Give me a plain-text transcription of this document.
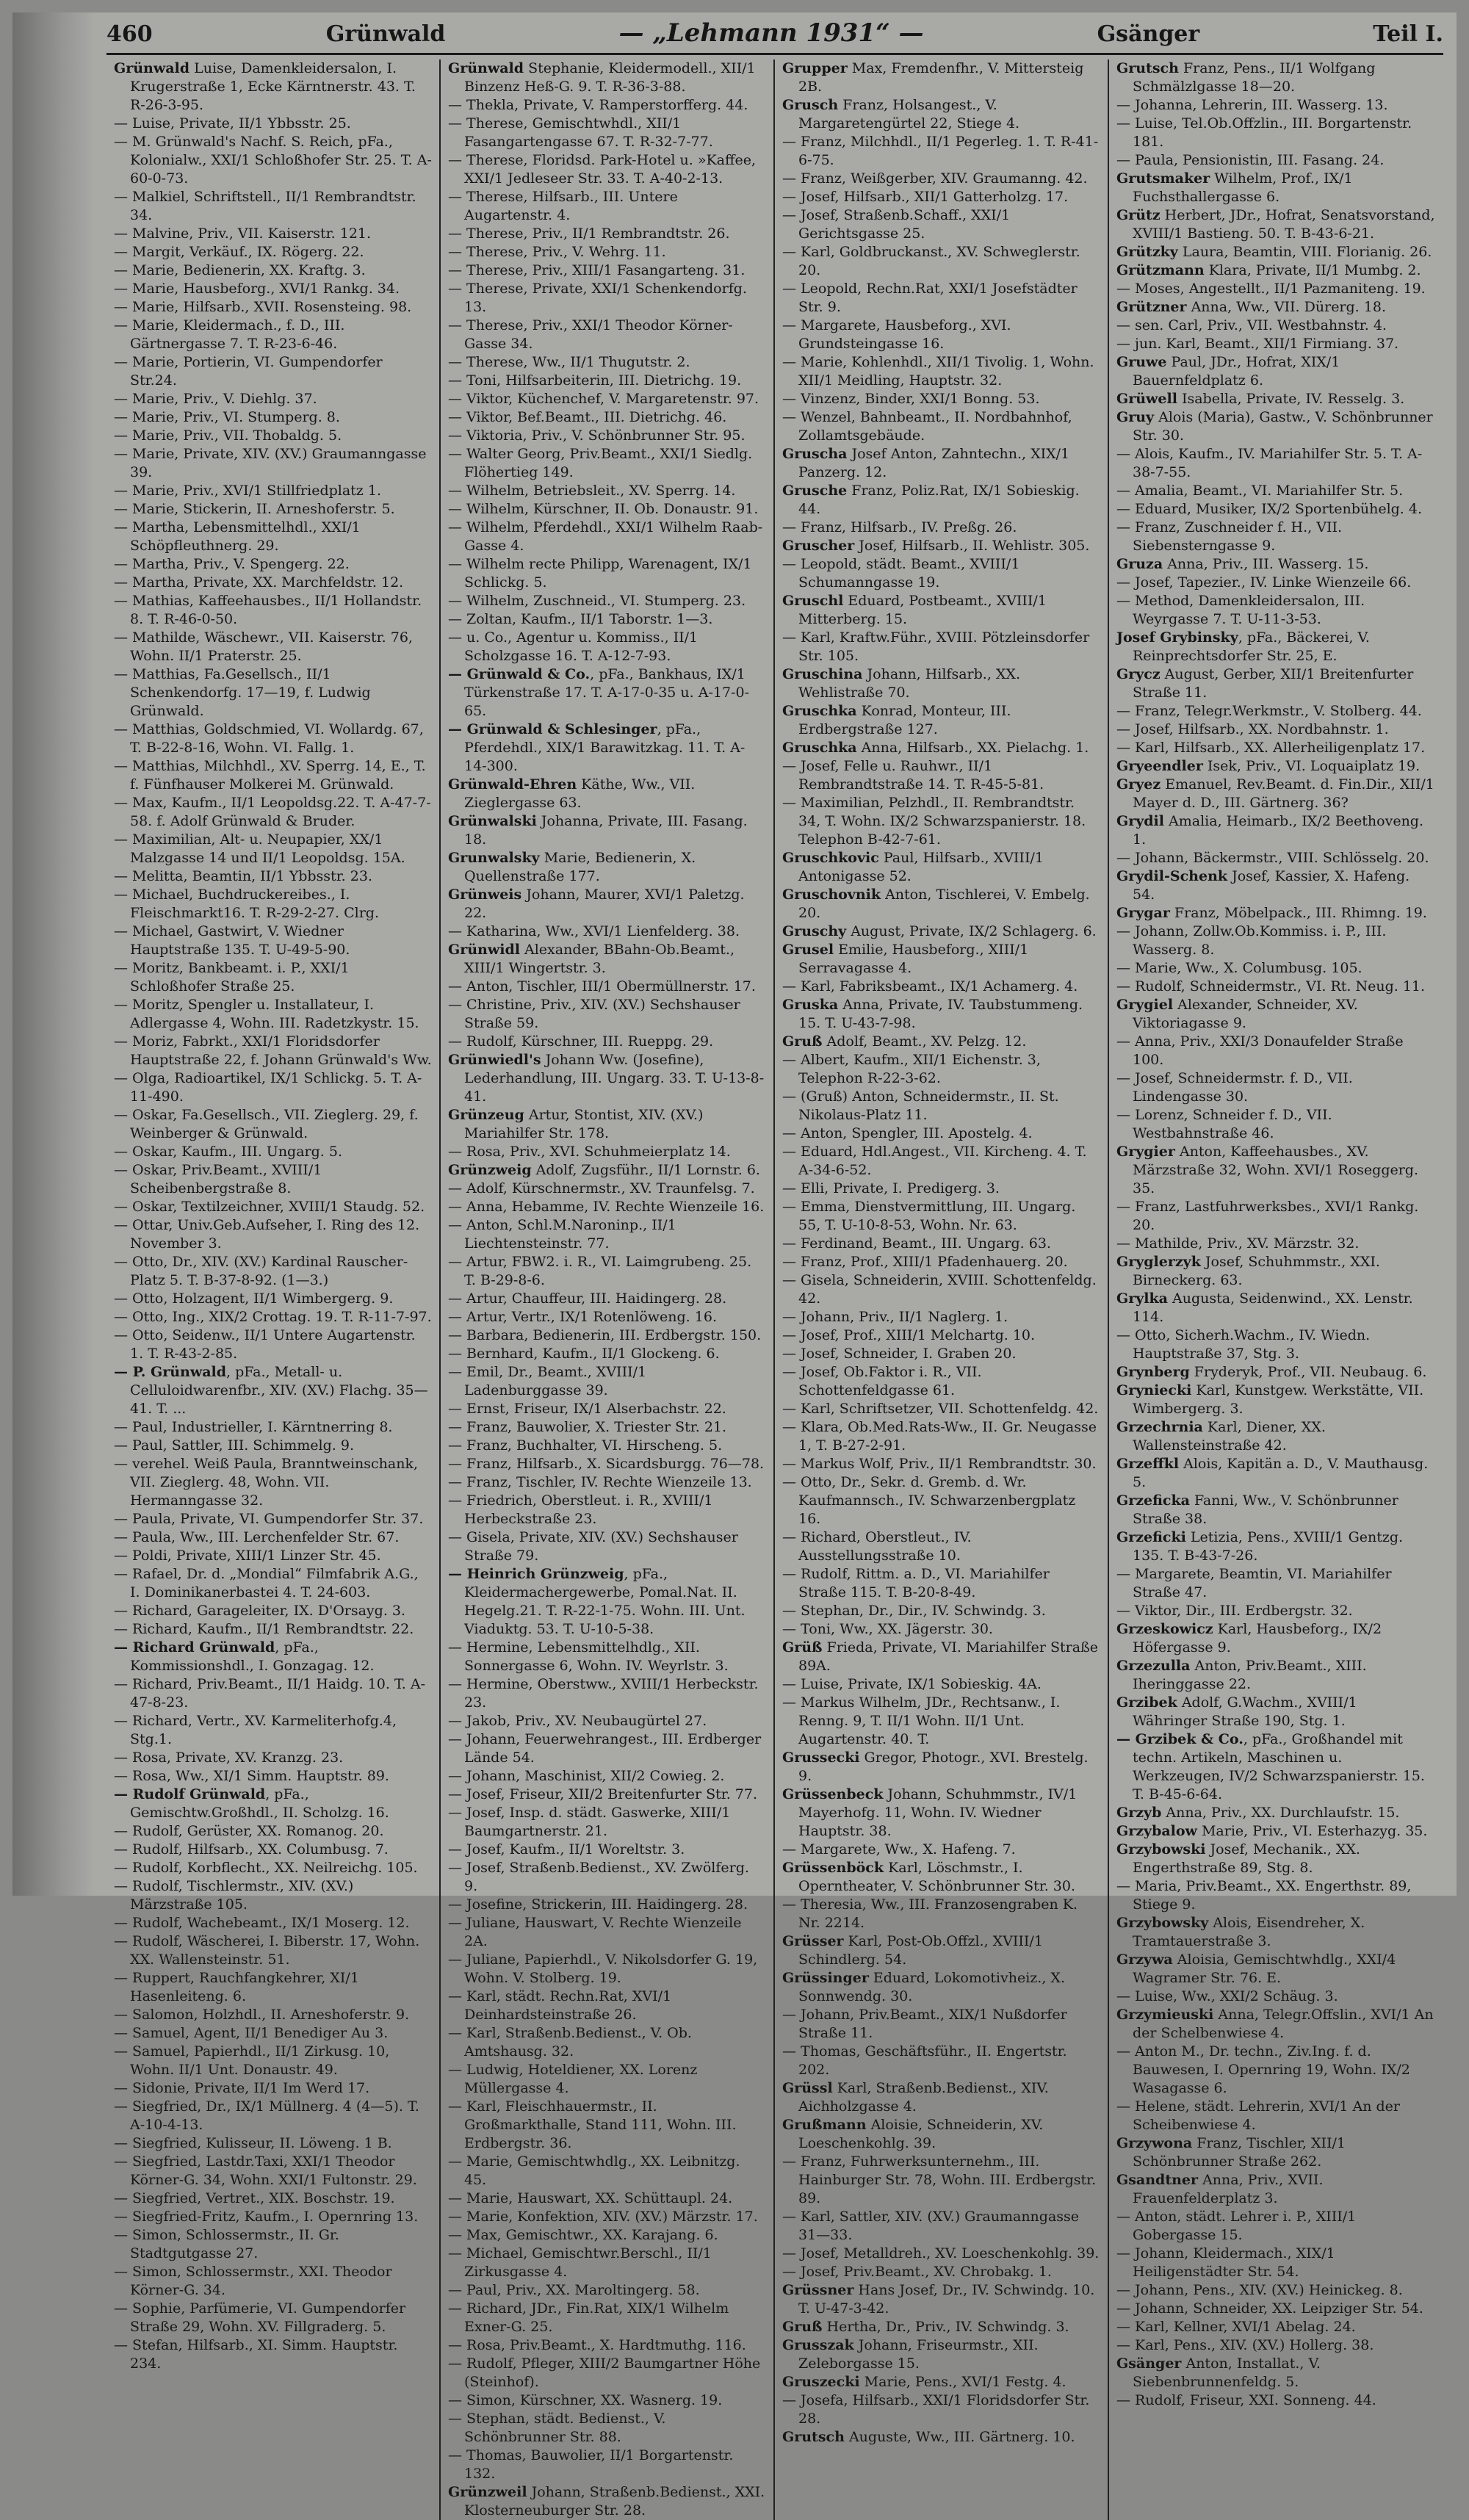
460	Grünwald	— „Lehmann 1931“ —	Gsänger	Teil I.

Grünwald Luise, Damenkleidersalon, I. Krugerstraße 1, Ecke Kärntnerstr. 43. T. R-26-3-95.

— Luise, Private, II/1 Ybbsstr. 25.

— M. Grünwald's Nachf. S. Reich, pFa., Kolonialw., XXI/1 Schloßhofer Str. 25. T. A-60-0-73.

— Malkiel, Schriftstell., II/1 Rembrandtstr. 34.

— Malvine, Priv., VII. Kaiserstr. 121.

— Margit, Verkäuf., IX. Rögerg. 22.

— Marie, Bedienerin, XX. Kraftg. 3.

— Marie, Hausbeforg., XVI/1 Rankg. 34.

— Marie, Hilfsarb., XVII. Rosensteing. 98.

— Marie, Kleidermach., f. D., III. Gärtnergasse 7. T. R-23-6-46.

— Marie, Portierin, VI. Gumpendorfer Str.24.

— Marie, Priv., V. Diehlg. 37.

— Marie, Priv., VI. Stumperg. 8.

— Marie, Priv., VII. Thobaldg. 5.

— Marie, Private, XIV. (XV.) Graumanngasse 39.

— Marie, Priv., XVI/1 Stillfriedplatz 1.

— Marie, Stickerin, II. Arneshoferstr. 5.

— Martha, Lebensmittelhdl., XXI/1 Schöpfleuthnerg. 29.

— Martha, Priv., V. Spengerg. 22.

— Martha, Private, XX. Marchfeldstr. 12.

— Mathias, Kaffeehausbes., II/1 Hollandstr. 8. T. R-46-0-50.

— Mathilde, Wäschewr., VII. Kaiserstr. 76, Wohn. II/1 Praterstr. 25.

— Matthias, Fa.Gesellsch., II/1 Schenkendorfg. 17—19, f. Ludwig Grünwald.

— Matthias, Goldschmied, VI. Wollardg. 67, T. B-22-8-16, Wohn. VI. Fallg. 1.

— Matthias, Milchhdl., XV. Sperrg. 14, E., T. f. Fünfhauser Molkerei M. Grünwald.

— Max, Kaufm., II/1 Leopoldsg.22. T. A-47-7-58. f. Adolf Grünwald & Bruder.

— Maximilian, Alt- u. Neupapier, XX/1 Malzgasse 14 und II/1 Leopoldsg. 15A.

— Melitta, Beamtin, II/1 Ybbsstr. 23.

— Michael, Buchdruckereibes., I. Fleischmarkt16. T. R-29-2-27. Clrg.

— Michael, Gastwirt, V. Wiedner Hauptstraße 135. T. U-49-5-90.

— Moritz, Bankbeamt. i. P., XXI/1 Schloßhofer Straße 25.

— Moritz, Spengler u. Installateur, I. Adlergasse 4, Wohn. III. Radetzkystr. 15.

— Moriz, Fabrkt., XXI/1 Floridsdorfer Hauptstraße 22, f. Johann Grünwald's Ww.

— Olga, Radioartikel, IX/1 Schlickg. 5. T. A-11-490.

— Oskar, Fa.Gesellsch., VII. Zieglerg. 29, f. Weinberger & Grünwald.

— Oskar, Kaufm., III. Ungarg. 5.

— Oskar, Priv.Beamt., XVIII/1 Scheibenbergstraße 8.

— Oskar, Textilzeichner, XVIII/1 Staudg. 52.

— Ottar, Univ.Geb.Aufseher, I. Ring des 12. November 3.

— Otto, Dr., XIV. (XV.) Kardinal Rauscher-Platz 5. T. B-37-8-92. (1—3.)

— Otto, Holzagent, II/1 Wimbergerg. 9.

— Otto, Ing., XIX/2 Crottag. 19. T. R-11-7-97.

— Otto, Seidenw., II/1 Untere Augartenstr. 1. T. R-43-2-85.

— P. Grünwald, pFa., Metall- u. Celluloidwarenfbr., XIV. (XV.) Flachg. 35—41. T. ...

— Paul, Industrieller, I. Kärntnerring 8.

— Paul, Sattler, III. Schimmelg. 9.

— verehel. Weiß Paula, Branntweinschank, VII. Zieglerg. 48, Wohn. VII. Hermanngasse 32.

— Paula, Private, VI. Gumpendorfer Str. 37.

— Paula, Ww., III. Lerchenfelder Str. 67.

— Poldi, Private, XIII/1 Linzer Str. 45.

— Rafael, Dr. d. „Mondial“ Filmfabrik A.G., I. Dominikanerbastei 4. T. 24-603.

— Richard, Garageleiter, IX. D'Orsayg. 3.

— Richard, Kaufm., II/1 Rembrandtstr. 22.

— Richard Grünwald, pFa., Kommissionshdl., I. Gonzagag. 12.

— Richard, Priv.Beamt., II/1 Haidg. 10. T. A-47-8-23.

— Richard, Vertr., XV. Karmeliterhofg.4, Stg.1.

— Rosa, Private, XV. Kranzg. 23.

— Rosa, Ww., XI/1 Simm. Hauptstr. 89.

— Rudolf Grünwald, pFa., Gemischtw.Großhdl., II. Scholzg. 16.

— Rudolf, Gerüster, XX. Romanog. 20.

— Rudolf, Hilfsarb., XX. Columbusg. 7.

— Rudolf, Korbflecht., XX. Neilreichg. 105.

— Rudolf, Tischlermstr., XIV. (XV.) Märzstraße 105.

— Rudolf, Wachebeamt., IX/1 Moserg. 12.

— Rudolf, Wäscherei, I. Biberstr. 17, Wohn. XX. Wallensteinstr. 51.

— Ruppert, Rauchfangkehrer, XI/1 Hasenleiteng. 6.

— Salomon, Holzhdl., II. Arneshoferstr. 9.

— Samuel, Agent, II/1 Benediger Au 3.

— Samuel, Papierhdl., II/1 Zirkusg. 10, Wohn. II/1 Unt. Donaustr. 49.

— Sidonie, Private, II/1 Im Werd 17.

— Siegfried, Dr., IX/1 Müllnerg. 4 (4—5). T. A-10-4-13.

— Siegfried, Kulisseur, II. Löweng. 1 B.

— Siegfried, Lastdr.Taxi, XXI/1 Theodor Körner-G. 34, Wohn. XXI/1 Fultonstr. 29.

— Siegfried, Vertret., XIX. Boschstr. 19.

— Siegfried-Fritz, Kaufm., I. Opernring 13.

— Simon, Schlossermstr., II. Gr. Stadtgutgasse 27.

— Simon, Schlossermstr., XXI. Theodor Körner-G. 34.

— Sophie, Parfümerie, VI. Gumpendorfer Straße 29, Wohn. XV. Fillgraderg. 5.

— Stefan, Hilfsarb., XI. Simm. Hauptstr. 234.

Grünwald Stephanie, Kleidermodell., XII/1 Binzenz Heß-G. 9. T. R-36-3-88.

— Thekla, Private, V. Ramperstorfferg. 44.

— Therese, Gemischtwhdl., XII/1 Fasangartengasse 67. T. R-32-7-77.

— Therese, Floridsd. Park-Hotel u. »Kaffee, XXI/1 Jedleseer Str. 33. T. A-40-2-13.

— Therese, Hilfsarb., III. Untere Augartenstr. 4.

— Therese, Priv., II/1 Rembrandtstr. 26.

— Therese, Priv., V. Wehrg. 11.

— Therese, Priv., XIII/1 Fasangarteng. 31.

— Therese, Private, XXI/1 Schenkendorfg. 13.

— Therese, Priv., XXI/1 Theodor Körner-Gasse 34.

— Therese, Ww., II/1 Thugutstr. 2.

— Toni, Hilfsarbeiterin, III. Dietrichg. 19.

— Viktor, Küchenchef, V. Margaretenstr. 97.

— Viktor, Bef.Beamt., III. Dietrichg. 46.

— Viktoria, Priv., V. Schönbrunner Str. 95.

— Walter Georg, Priv.Beamt., XXI/1 Siedlg. Flöhertieg 149.

— Wilhelm, Betriebsleit., XV. Sperrg. 14.

— Wilhelm, Kürschner, II. Ob. Donaustr. 91.

— Wilhelm, Pferdehdl., XXI/1 Wilhelm Raab-Gasse 4.

— Wilhelm recte Philipp, Warenagent, IX/1 Schlickg. 5.

— Wilhelm, Zuschneid., VI. Stumperg. 23.

— Zoltan, Kaufm., II/1 Taborstr. 1—3.

— u. Co., Agentur u. Kommiss., II/1 Scholzgasse 16. T. A-12-7-93.

— Grünwald & Co., pFa., Bankhaus, IX/1 Türkenstraße 17. T. A-17-0-35 u. A-17-0-65.

— Grünwald & Schlesinger, pFa., Pferdehdl., XIX/1 Barawitzkag. 11. T. A-14-300.

Grünwald-Ehren Käthe, Ww., VII. Zieglergasse 63.

Grünwalski Johanna, Private, III. Fasang. 18.

Grunwalsky Marie, Bedienerin, X. Quellenstraße 177.

Grünweis Johann, Maurer, XVI/1 Paletzg. 22.

— Katharina, Ww., XVI/1 Lienfelderg. 38.

Grünwidl Alexander, BBahn-Ob.Beamt., XIII/1 Wingertstr. 3.

— Anton, Tischler, III/1 Obermüllnerstr. 17.

— Christine, Priv., XIV. (XV.) Sechshauser Straße 59.

— Rudolf, Kürschner, III. Rueppg. 29.

Grünwiedl's Johann Ww. (Josefine), Lederhandlung, III. Ungarg. 33. T. U-13-8-41.

Grünzeug Artur, Stontist, XIV. (XV.) Mariahilfer Str. 178.

— Rosa, Priv., XVI. Schuhmeierplatz 14.

Grünzweig Adolf, Zugsführ., II/1 Lornstr. 6.

— Adolf, Kürschnermstr., XV. Traunfelsg. 7.

— Anna, Hebamme, IV. Rechte Wienzeile 16.

— Anton, Schl.M.Naroninp., II/1 Liechtensteinstr. 77.

— Artur, FBW2. i. R., VI. Laimgrubeng. 25. T. B-29-8-6.

— Artur, Chauffeur, III. Haidingerg. 28.

— Artur, Vertr., IX/1 Rotenlöweng. 16.

— Barbara, Bedienerin, III. Erdbergstr. 150.

— Bernhard, Kaufm., II/1 Glockeng. 6.

— Emil, Dr., Beamt., XVIII/1 Ladenburggasse 39.

— Ernst, Friseur, IX/1 Alserbachstr. 22.

— Franz, Bauwolier, X. Triester Str. 21.

— Franz, Buchhalter, VI. Hirscheng. 5.

— Franz, Hilfsarb., X. Sicardsburgg. 76—78.

— Franz, Tischler, IV. Rechte Wienzeile 13.

— Friedrich, Oberstleut. i. R., XVIII/1 Herbeckstraße 23.

— Gisela, Private, XIV. (XV.) Sechshauser Straße 79.

— Heinrich Grünzweig, pFa., Kleidermachergewerbe, Pomal.Nat. II. Hegelg.21. T. R-22-1-75. Wohn. III. Unt. Viaduktg. 53. T. U-10-5-38.

— Hermine, Lebensmittelhdlg., XII. Sonnergasse 6, Wohn. IV. Weyrlstr. 3.

— Hermine, Oberstww., XVIII/1 Herbeckstr. 23.

— Jakob, Priv., XV. Neubaugürtel 27.

— Johann, Feuerwehrangest., III. Erdberger Lände 54.

— Johann, Maschinist, XII/2 Cowieg. 2.

— Josef, Friseur, XII/2 Breitenfurter Str. 77.

— Josef, Insp. d. städt. Gaswerke, XIII/1 Baumgartnerstr. 21.

— Josef, Kaufm., II/1 Woreltstr. 3.

— Josef, Straßenb.Bedienst., XV. Zwölferg. 9.

— Josefine, Strickerin, III. Haidingerg. 28.

— Juliane, Hauswart, V. Rechte Wienzeile 2A.

— Juliane, Papierhdl., V. Nikolsdorfer G. 19, Wohn. V. Stolberg. 19.

— Karl, städt. Rechn.Rat, XVI/1 Deinhardsteinstraße 26.

— Karl, Straßenb.Bedienst., V. Ob. Amtshausg. 32.

— Ludwig, Hoteldiener, XX. Lorenz Müllergasse 4.

— Karl, Fleischhauermstr., II. Großmarkthalle, Stand 111, Wohn. III. Erdbergstr. 36.

— Marie, Gemischtwhdlg., XX. Leibnitzg. 45.

— Marie, Hauswart, XX. Schüttaupl. 24.

— Marie, Konfektion, XIV. (XV.) Märzstr. 17.

— Max, Gemischtwr., XX. Karajang. 6.

— Michael, Gemischtwr.Berschl., II/1 Zirkusgasse 4.

— Paul, Priv., XX. Maroltingerg. 58.

— Richard, JDr., Fin.Rat, XIX/1 Wilhelm Exner-G. 25.

— Rosa, Priv.Beamt., X. Hardtmuthg. 116.

— Rudolf, Pfleger, XIII/2 Baumgartner Höhe (Steinhof).

— Simon, Kürschner, XX. Wasnerg. 19.

— Stephan, städt. Bedienst., V. Schönbrunner Str. 88.

— Thomas, Bauwolier, II/1 Borgartenstr. 132.

Grünzweil Johann, Straßenb.Bedienst., XXI. Klosterneuburger Str. 28.

Grupper Max, Fremdenfhr., V. Mittersteig 2B.

Grusch Franz, Holsangest., V. Margaretengürtel 22, Stiege 4.

— Franz, Milchhdl., II/1 Pegerleg. 1. T. R-41-6-75.

— Franz, Weißgerber, XIV. Graumanng. 42.

— Josef, Hilfsarb., XII/1 Gatterholzg. 17.

— Josef, Straßenb.Schaff., XXI/1 Gerichtsgasse 25.

— Karl, Goldbruckanst., XV. Schweglerstr. 20.

— Leopold, Rechn.Rat, XXI/1 Josefstädter Str. 9.

— Margarete, Hausbeforg., XVI. Grundsteingasse 16.

— Marie, Kohlenhdl., XII/1 Tivolig. 1, Wohn. XII/1 Meidling, Hauptstr. 32.

— Vinzenz, Binder, XXI/1 Bonng. 53.

— Wenzel, Bahnbeamt., II. Nordbahnhof, Zollamtsgebäude.

Gruscha Josef Anton, Zahntechn., XIX/1 Panzerg. 12.

Grusche Franz, Poliz.Rat, IX/1 Sobieskig. 44.

— Franz, Hilfsarb., IV. Preßg. 26.

Gruscher Josef, Hilfsarb., II. Wehlistr. 305.

— Leopold, städt. Beamt., XVIII/1 Schumanngasse 19.

Gruschl Eduard, Postbeamt., XVIII/1 Mitterberg. 15.

— Karl, Kraftw.Führ., XVIII. Pötzleinsdorfer Str. 105.

Gruschina Johann, Hilfsarb., XX. Wehlistraße 70.

Gruschka Konrad, Monteur, III. Erdbergstraße 127.

Gruschka Anna, Hilfsarb., XX. Pielachg. 1.

— Josef, Felle u. Rauhwr., II/1 Rembrandtstraße 14. T. R-45-5-81.

— Maximilian, Pelzhdl., II. Rembrandtstr. 34, T. Wohn. IX/2 Schwarzspanierstr. 18. Telephon B-42-7-61.

Gruschkovic Paul, Hilfsarb., XVIII/1 Antonigasse 52.

Gruschovnik Anton, Tischlerei, V. Embelg. 20.

Gruschy August, Private, IX/2 Schlagerg. 6.

Grusel Emilie, Hausbeforg., XIII/1 Serravagasse 4.

— Karl, Fabriksbeamt., IX/1 Achamerg. 4.

Gruska Anna, Private, IV. Taubstummeng. 15. T. U-43-7-98.

Gruß Adolf, Beamt., XV. Pelzg. 12.

— Albert, Kaufm., XII/1 Eichenstr. 3, Telephon R-22-3-62.

— (Gruß) Anton, Schneidermstr., II. St. Nikolaus-Platz 11.

— Anton, Spengler, III. Apostelg. 4.

— Eduard, Hdl.Angest., VII. Kircheng. 4. T. A-34-6-52.

— Elli, Private, I. Predigerg. 3.

— Emma, Dienstvermittlung, III. Ungarg. 55, T. U-10-8-53, Wohn. Nr. 63.

— Ferdinand, Beamt., III. Ungarg. 63.

— Franz, Prof., XIII/1 Pfadenhauerg. 20.

— Gisela, Schneiderin, XVIII. Schottenfeldg. 42.

— Johann, Priv., II/1 Naglerg. 1.

— Josef, Prof., XIII/1 Melchartg. 10.

— Josef, Schneider, I. Graben 20.

— Josef, Ob.Faktor i. R., VII. Schottenfeldgasse 61.

— Karl, Schriftsetzer, VII. Schottenfeldg. 42.

— Klara, Ob.Med.Rats-Ww., II. Gr. Neugasse 1, T. B-27-2-91.

— Markus Wolf, Priv., II/1 Rembrandtstr. 30.

— Otto, Dr., Sekr. d. Gremb. d. Wr. Kaufmannsch., IV. Schwarzenbergplatz 16.

— Richard, Oberstleut., IV. Ausstellungsstraße 10.

— Rudolf, Rittm. a. D., VI. Mariahilfer Straße 115. T. B-20-8-49.

— Stephan, Dr., Dir., IV. Schwindg. 3.

— Toni, Ww., XX. Jägerstr. 30.

Grüß Frieda, Private, VI. Mariahilfer Straße 89A.

— Luise, Private, IX/1 Sobieskig. 4A.

— Markus Wilhelm, JDr., Rechtsanw., I. Renng. 9, T. II/1 Wohn. II/1 Unt. Augartenstr. 40. T.

Grussecki Gregor, Photogr., XVI. Brestelg. 9.

Grüssenbeck Johann, Schuhmmstr., IV/1 Mayerhofg. 11, Wohn. IV. Wiedner Hauptstr. 38.

— Margarete, Ww., X. Hafeng. 7.

Grüssenböck Karl, Löschmstr., I. Operntheater, V. Schönbrunner Str. 30.

— Theresia, Ww., III. Franzosengraben K. Nr. 2214.

Grüsser Karl, Post-Ob.Offzl., XVIII/1 Schindlerg. 54.

Grüssinger Eduard, Lokomotivheiz., X. Sonnwendg. 30.

— Johann, Priv.Beamt., XIX/1 Nußdorfer Straße 11.

— Thomas, Geschäftsführ., II. Engertstr. 202.

Grüssl Karl, Straßenb.Bedienst., XIV. Aichholzgasse 4.

Grußmann Aloisie, Schneiderin, XV. Loeschenkohlg. 39.

— Franz, Fuhrwerksunternehm., III. Hainburger Str. 78, Wohn. III. Erdbergstr. 89.

— Karl, Sattler, XIV. (XV.) Graumanngasse 31—33.

— Josef, Metalldreh., XV. Loeschenkohlg. 39.

— Josef, Priv.Beamt., XV. Chrobakg. 1.

Grüssner Hans Josef, Dr., IV. Schwindg. 10. T. U-47-3-42.

Gruß Hertha, Dr., Priv., IV. Schwindg. 3.

Grusszak Johann, Friseurmstr., XII. Zeleborgasse 15.

Gruszecki Marie, Pens., XVI/1 Festg. 4.

— Josefa, Hilfsarb., XXI/1 Floridsdorfer Str. 28.

Grutsch Auguste, Ww., III. Gärtnerg. 10.

Grutsch Franz, Pens., II/1 Wolfgang Schmälzlgasse 18—20.

— Johanna, Lehrerin, III. Wasserg. 13.

— Luise, Tel.Ob.Offzlin., III. Borgartenstr. 181.

— Paula, Pensionistin, III. Fasang. 24.

Grutsmaker Wilhelm, Prof., IX/1 Fuchsthallergasse 6.

Grütz Herbert, JDr., Hofrat, Senatsvorstand, XVIII/1 Bastieng. 50. T. B-43-6-21.

Grützky Laura, Beamtin, VIII. Florianig. 26.

Grützmann Klara, Private, II/1 Mumbg. 2.

— Moses, Angestellt., II/1 Pazmaniteng. 19.

Grützner Anna, Ww., VII. Dürerg. 18.

— sen. Carl, Priv., VII. Westbahnstr. 4.

— jun. Karl, Beamt., XII/1 Firmiang. 37.

Gruwe Paul, JDr., Hofrat, XIX/1 Bauernfeldplatz 6.

Grüwell Isabella, Private, IV. Resselg. 3.

Gruy Alois (Maria), Gastw., V. Schönbrunner Str. 30.

— Alois, Kaufm., IV. Mariahilfer Str. 5. T. A-38-7-55.

— Amalia, Beamt., VI. Mariahilfer Str. 5.

— Eduard, Musiker, IX/2 Sportenbühelg. 4.

— Franz, Zuschneider f. H., VII. Siebensterngasse 9.

Gruza Anna, Priv., III. Wasserg. 15.

— Josef, Tapezier., IV. Linke Wienzeile 66.

— Method, Damenkleidersalon, III. Weyrgasse 7. T. U-11-3-53.

Josef Grybinsky, pFa., Bäckerei, V. Reinprechtsdorfer Str. 25, E.

Grycz August, Gerber, XII/1 Breitenfurter Straße 11.

— Franz, Telegr.Werkmstr., V. Stolberg. 44.

— Josef, Hilfsarb., XX. Nordbahnstr. 1.

— Karl, Hilfsarb., XX. Allerheiligenplatz 17.

Gryeendler Isek, Priv., VI. Loquaiplatz 19.

Gryez Emanuel, Rev.Beamt. d. Fin.Dir., XII/1 Mayer d. D., III. Gärtnerg. 36?

Grydil Amalia, Heimarb., IX/2 Beethoveng. 1.

— Johann, Bäckermstr., VIII. Schlösselg. 20.

Grydil-Schenk Josef, Kassier, X. Hafeng. 54.

Grygar Franz, Möbelpack., III. Rhimng. 19.

— Johann, Zollw.Ob.Kommiss. i. P., III. Wasserg. 8.

— Marie, Ww., X. Columbusg. 105.

— Rudolf, Schneidermstr., VI. Rt. Neug. 11.

Grygiel Alexander, Schneider, XV. Viktoriagasse 9.

— Anna, Priv., XXI/3 Donaufelder Straße 100.

— Josef, Schneidermstr. f. D., VII. Lindengasse 30.

— Lorenz, Schneider f. D., VII. Westbahnstraße 46.

Grygier Anton, Kaffeehausbes., XV. Märzstraße 32, Wohn. XVI/1 Roseggerg. 35.

— Franz, Lastfuhrwerksbes., XVI/1 Rankg. 20.

— Mathilde, Priv., XV. Märzstr. 32.

Gryglerzyk Josef, Schuhmmstr., XXI. Birneckerg. 63.

Grylka Augusta, Seidenwind., XX. Lenstr. 114.

— Otto, Sicherh.Wachm., IV. Wiedn. Hauptstraße 37, Stg. 3.

Grynberg Fryderyk, Prof., VII. Neubaug. 6.

Gryniecki Karl, Kunstgew. Werkstätte, VII. Wimbergerg. 3.

Grzechrnia Karl, Diener, XX. Wallensteinstraße 42.

Grzeffkl Alois, Kapitän a. D., V. Mauthausg. 5.

Grzeficka Fanni, Ww., V. Schönbrunner Straße 38.

Grzeficki Letizia, Pens., XVIII/1 Gentzg. 135. T. B-43-7-26.

— Margarete, Beamtin, VI. Mariahilfer Straße 47.

— Viktor, Dir., III. Erdbergstr. 32.

Grzeskowicz Karl, Hausbeforg., IX/2 Höfergasse 9.

Grzezulla Anton, Priv.Beamt., XIII. Iheringgasse 22.

Grzibek Adolf, G.Wachm., XVIII/1 Währinger Straße 190, Stg. 1.

— Grzibek & Co., pFa., Großhandel mit techn. Artikeln, Maschinen u. Werkzeugen, IV/2 Schwarzspanierstr. 15. T. B-45-6-64.

Grzyb Anna, Priv., XX. Durchlaufstr. 15.

Grzybalow Marie, Priv., VI. Esterhazyg. 35.

Grzybowski Josef, Mechanik., XX. Engerthstraße 89, Stg. 8.

— Maria, Priv.Beamt., XX. Engerthstr. 89, Stiege 9.

Grzybowsky Alois, Eisendreher, X. Tramtauerstraße 3.

Grzywa Aloisia, Gemischtwhdlg., XXI/4 Wagramer Str. 76. E.

— Luise, Ww., XXI/2 Schäug. 3.

Grzymieuski Anna, Telegr.Offslin., XVI/1 An der Schelbenwiese 4.

— Anton M., Dr. techn., Ziv.Ing. f. d. Bauwesen, I. Opernring 19, Wohn. IX/2 Wasagasse 6.

— Helene, städt. Lehrerin, XVI/1 An der Scheibenwiese 4.

Grzywona Franz, Tischler, XII/1 Schönbrunner Straße 262.

Gsandtner Anna, Priv., XVII. Frauenfelderplatz 3.

— Anton, städt. Lehrer i. P., XIII/1 Gobergasse 15.

— Johann, Kleidermach., XIX/1 Heiligenstädter Str. 54.

— Johann, Pens., XIV. (XV.) Heinickeg. 8.

— Johann, Schneider, XX. Leipziger Str. 54.

— Karl, Kellner, XVI/1 Abelag. 24.

— Karl, Pens., XIV. (XV.) Hollerg. 38.

Gsänger Anton, Installat., V. Siebenbrunnenfeldg. 5.

— Rudolf, Friseur, XXI. Sonneng. 44.
